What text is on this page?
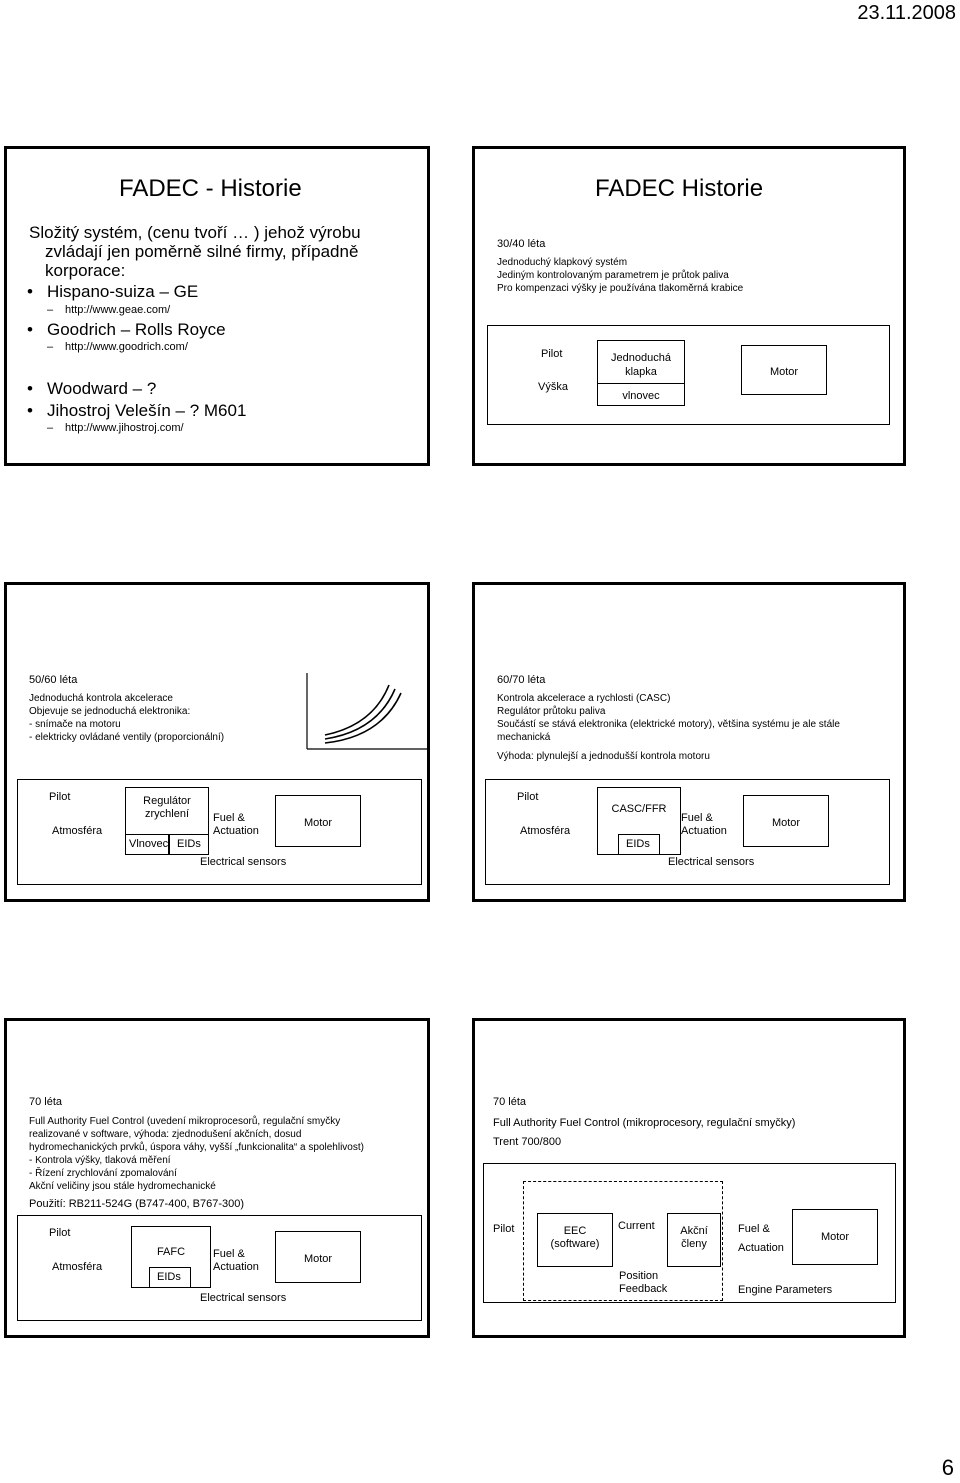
23.11.2008
6
FADEC - Historie
Složitý systém, (cenu tvoří … ) jehož výrobu
zvládají jen poměrně silné firmy, případně
korporace:
• Hispano-suiza – GE
– http://www.geae.com/
• Goodrich – Rolls Royce
– http://www.goodrich.com/
• Woodward – ?
• Jihostroj Velešín – ? M601
– http://www.jihostroj.com/
FADEC Historie
30/40 léta
Jednoduchý klapkový systém
Jediným kontrolovaným parametrem je průtok paliva
Pro kompenzaci výšky je používána tlakoměrná krabice
Pilot
Výška
Jednoduchá
klapka
vlnovec
Motor
50/60 léta
Jednoduchá kontrola akcelerace
Objevuje se jednoduchá elektronika:
- snímače na motoru
- elektricky ovládané ventily (proporcionální)
Pilot
Atmosféra
Regulátor
zrychlení
Vlnovec EIDs
Fuel &
Actuation
Motor
Electrical sensors
60/70 léta
Kontrola akcelerace a rychlosti (CASC)
Regulátor průtoku paliva
Součástí se stává elektronika (elektrické motory), většina systému je ale stále
mechanická
Výhoda: plynulejší a jednodušší kontrola motoru
Pilot
Atmosféra
CASC/FFR
EIDs
Fuel &
Actuation
Motor
Electrical sensors
70 léta
Full Authority Fuel Control (uvedení mikroprocesorů, regulační smyčky
realizované v software, výhoda: zjednodušení akčních, dosud
hydromechanických prvků, úspora váhy, vyšší „funkcionalita“ a spolehlivost)
- Kontrola výšky, tlaková měření
- Řízení zrychlování zpomalování
Akční veličiny jsou stále hydromechanické
Použití: RB211-524G (B747-400, B767-300)
Pilot
Atmosféra
FAFC
EIDs
Fuel &
Actuation
Motor
Electrical sensors
70 léta
Full Authority Fuel Control (mikroprocesory, regulační smyčky)
Trent 700/800
Pilot	EEC
(software)
Current	Akční
členy
Position
Feedback
Fuel &
Actuation
Motor
Engine Parameters
